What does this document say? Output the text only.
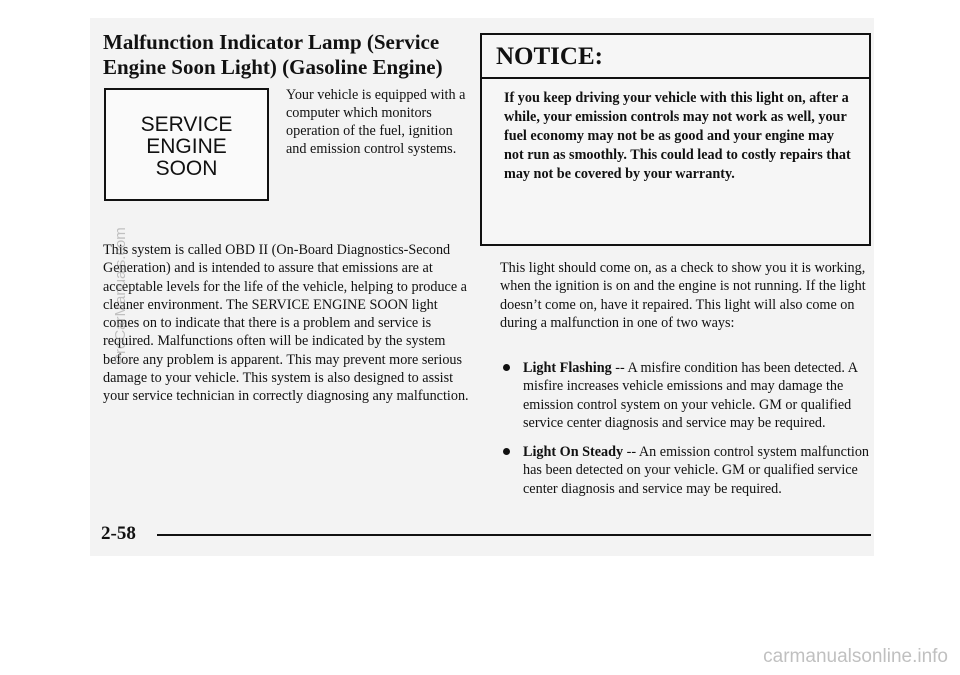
Malfunction Indicator Lamp (Service
Engine Soon Light) (Gasoline Engine)
SERVICE
ENGINE
SOON

Your vehicle is equipped with a computer which monitors operation of the fuel, ignition and emission control systems.

This system is called OBD II (On-Board Diagnostics-Second Generation) and is intended to assure that emissions are at acceptable levels for the life of the vehicle, helping to produce a cleaner environment. The SERVICE ENGINE SOON light comes on to indicate that there is a problem and service is required. Malfunctions often will be indicated by the system before any problem is apparent. This may prevent more serious damage to your vehicle. This system is also designed to assist your service technician in correctly diagnosing any malfunction.

NOTICE:
If you keep driving your vehicle with this light on, after a while, your emission controls may not work as well, your fuel economy may not be as good and your engine may not run as smoothly. This could lead to costly repairs that may not be covered by your warranty.

This light should come on, as a check to show you it is working, when the ignition is on and the engine is not running. If the light doesn’t come on, have it repaired. This light will also come on during a malfunction in one of two ways:

Light Flashing -- A misfire condition has been detected. A misfire increases vehicle emissions and may damage the emission control system on your vehicle. GM or qualified service center diagnosis and service may be required.
Light On Steady -- An emission control system malfunction has been detected on your vehicle. GM or qualified service center diagnosis and service may be required.
2-58
ProCarManuals.com
carmanualsonline.info
